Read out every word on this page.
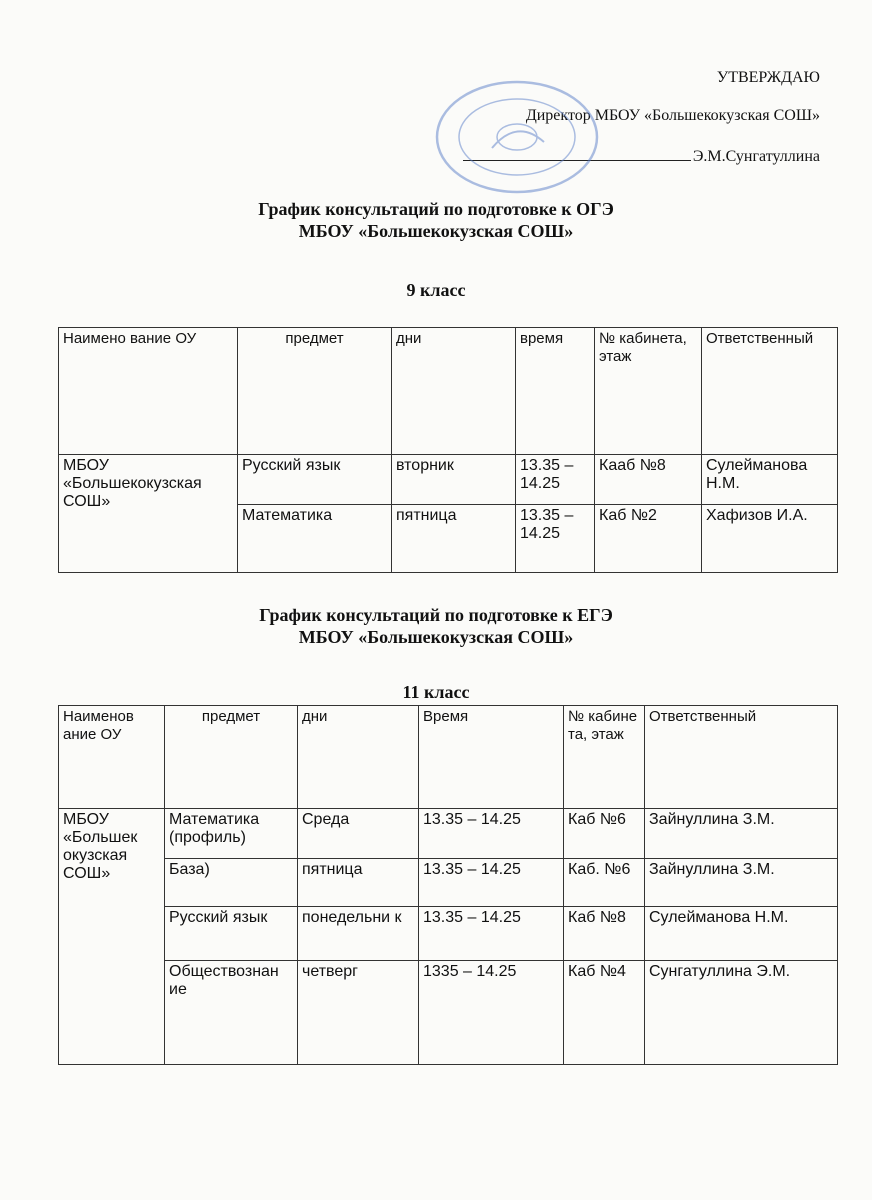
УТВЕРЖДАЮ
Директор МБОУ «Большекокузская СОШ»
Э.М.Сунгатуллина
График консультаций по подготовке к ОГЭ
МБОУ «Большекокузская СОШ»
9 класс
Наимено вание ОУ	предмет	дни	время	№ кабинета, этаж	Ответственный
МБОУ «Большекокузская СОШ»	Русский язык	вторник	13.35 – 14.25	Кааб №8	Сулейманова Н.М.
	Математика	пятница	13.35 – 14.25	Каб №2	Хафизов И.А.
График консультаций по подготовке к ЕГЭ
МБОУ «Большекокузская СОШ»
11 класс
Наименов ание ОУ	предмет	дни	Время	№ кабине та, этаж	Ответственный
МБОУ «Большек окузская СОШ»	Математика (профиль)	Среда	13.35 – 14.25	Каб №6	Зайнуллина З.М.
	База)	пятница	13.35 – 14.25	Каб. №6	Зайнуллина З.М.
	Русский язык	понедельни к	13.35 – 14.25	Каб №8	Сулейманова Н.М.
	Обществознан ие	четверг	1335 – 14.25	Каб №4	Сунгатуллина Э.М.
